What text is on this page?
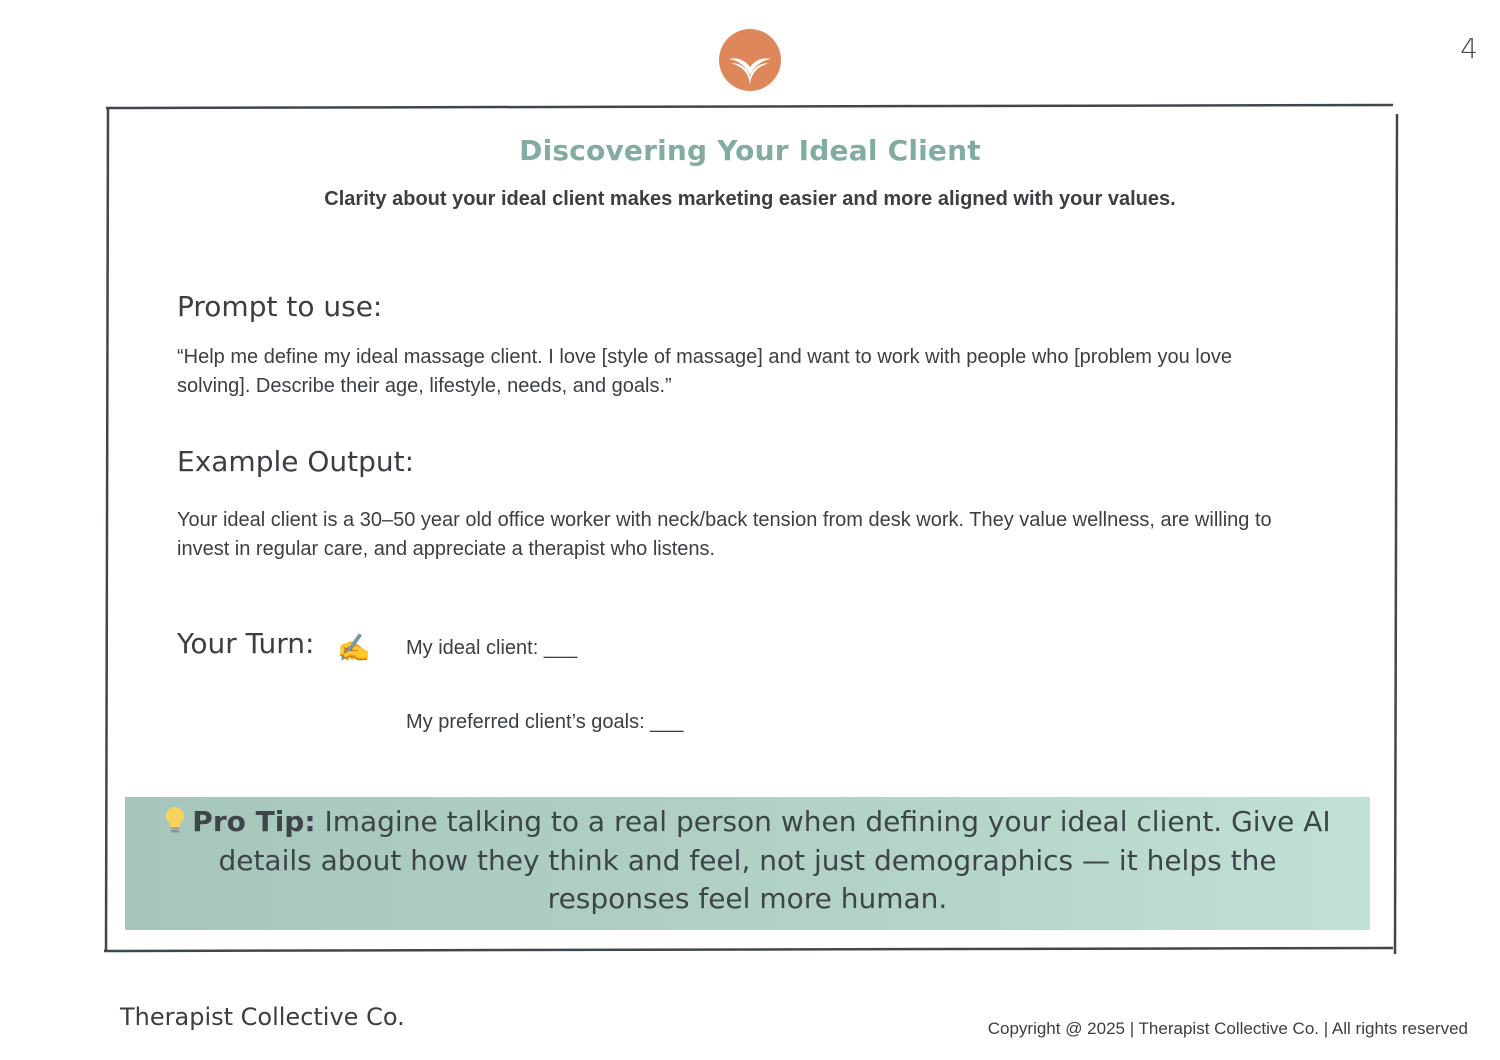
4
Discovering Your Ideal Client
Clarity about your ideal client makes marketing easier and more aligned with your values.
Prompt to use:
“Help me define my ideal massage client. I love [style of massage] and want to work with people who [problem you love solving]. Describe their age, lifestyle, needs, and goals.”
Example Output:
Your ideal client is a 30–50 year old office worker with neck/back tension from desk work. They value wellness, are willing to invest in regular care, and appreciate a therapist who listens.
Your Turn: ✍ My ideal client: ___
My preferred client’s goals: ___
Pro Tip: Imagine talking to a real person when defining your ideal client. Give AI details about how they think and feel, not just demographics — it helps the responses feel more human.
Therapist Collective Co.	Copyright @ 2025 | Therapist Collective Co. | All rights reserved
